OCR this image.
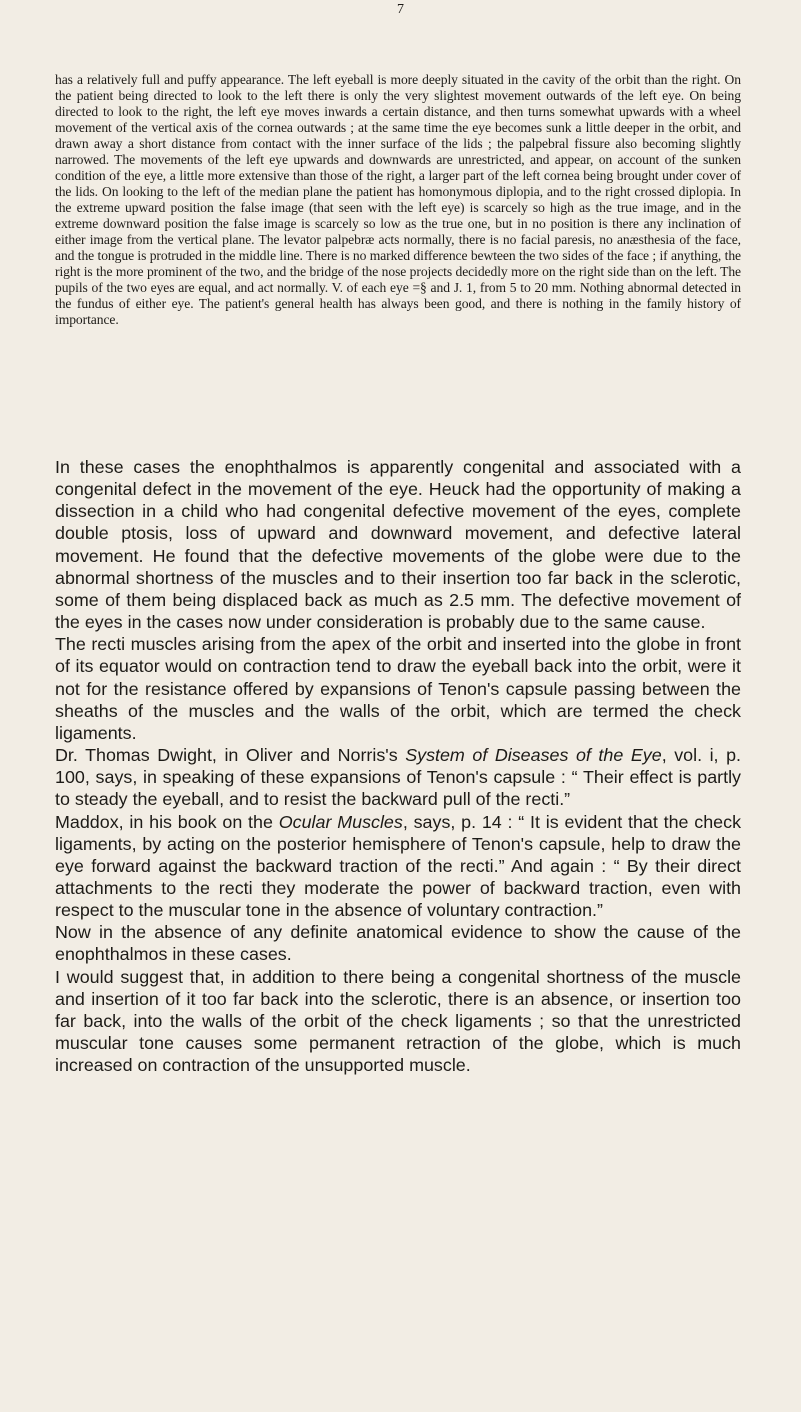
7

has a relatively full and puffy appearance. The left eyeball is more deeply situated in the cavity of the orbit than the right. On the patient being directed to look to the left there is only the very slightest movement outwards of the left eye. On being directed to look to the right, the left eye moves inwards a certain distance, and then turns somewhat upwards with a wheel movement of the vertical axis of the cornea outwards ; at the same time the eye becomes sunk a little deeper in the orbit, and drawn away a short distance from contact with the inner surface of the lids ; the palpebral fissure also becoming slightly narrowed. The movements of the left eye upwards and downwards are unrestricted, and appear, on account of the sunken condition of the eye, a little more extensive than those of the right, a larger part of the left cornea being brought under cover of the lids. On looking to the left of the median plane the patient has homonymous diplopia, and to the right crossed diplopia. In the extreme upward position the false image (that seen with the left eye) is scarcely so high as the true image, and in the extreme downward position the false image is scarcely so low as the true one, but in no position is there any inclination of either image from the vertical plane. The levator palpebræ acts normally, there is no facial paresis, no anæsthesia of the face, and the tongue is protruded in the middle line. There is no marked difference bewteen the two sides of the face ; if anything, the right is the more prominent of the two, and the bridge of the nose projects decidedly more on the right side than on the left. The pupils of the two eyes are equal, and act normally. V. of each eye =§ and J. 1, from 5 to 20 mm. Nothing abnormal detected in the fundus of either eye. The patient's general health has always been good, and there is nothing in the family history of importance.

In these cases the enophthalmos is apparently congenital and associated with a congenital defect in the movement of the eye. Heuck had the opportunity of making a dissection in a child who had congenital defective movement of the eyes, complete double ptosis, loss of upward and downward movement, and defective lateral movement. He found that the defective movements of the globe were due to the abnormal shortness of the muscles and to their insertion too far back in the sclerotic, some of them being displaced back as much as 2.5 mm. The defective movement of the eyes in the cases now under consideration is probably due to the same cause.

The recti muscles arising from the apex of the orbit and inserted into the globe in front of its equator would on contraction tend to draw the eyeball back into the orbit, were it not for the resistance offered by expansions of Tenon's capsule passing between the sheaths of the muscles and the walls of the orbit, which are termed the check ligaments.

Dr. Thomas Dwight, in Oliver and Norris's System of Diseases of the Eye, vol. i, p. 100, says, in speaking of these expansions of Tenon's capsule : “ Their effect is partly to steady the eyeball, and to resist the backward pull of the recti.”

Maddox, in his book on the Ocular Muscles, says, p. 14 : “ It is evident that the check ligaments, by acting on the posterior hemisphere of Tenon's capsule, help to draw the eye forward against the backward traction of the recti.” And again : “ By their direct attachments to the recti they moderate the power of backward traction, even with respect to the muscular tone in the absence of voluntary contraction.”

Now in the absence of any definite anatomical evidence to show the cause of the enophthalmos in these cases.

I would suggest that, in addition to there being a congenital shortness of the muscle and insertion of it too far back into the sclerotic, there is an absence, or insertion too far back, into the walls of the orbit of the check ligaments ; so that the unrestricted muscular tone causes some permanent retraction of the globe, which is much increased on contraction of the unsupported muscle.
